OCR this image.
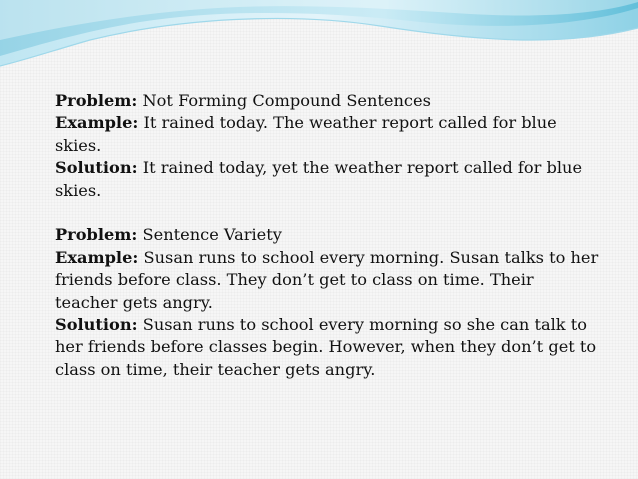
Problem: Not Forming Compound Sentences

Example: It rained today. The weather report called for blue skies.

Solution: It rained today, yet the weather report called for blue skies.

Problem: Sentence Variety

Example: Susan runs to school every morning. Susan talks to her friends before class. They don’t get to class on time. Their teacher gets angry.

Solution: Susan runs to school every morning so she can talk to her friends before classes begin. However, when they don’t get to class on time, their teacher gets angry.
